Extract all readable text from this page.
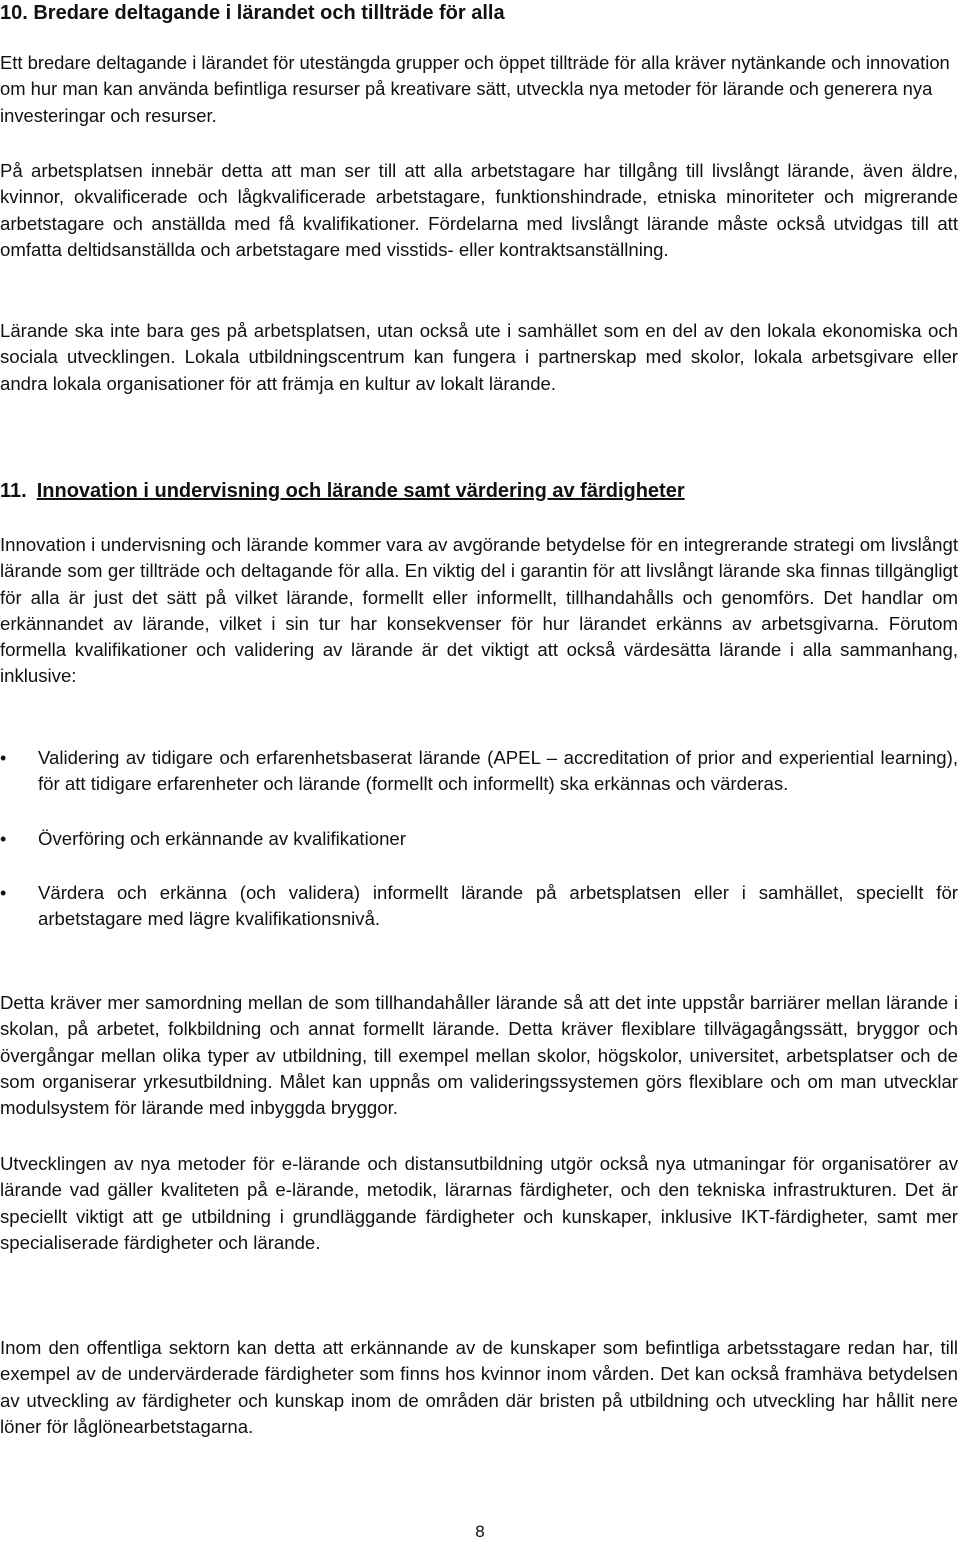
10. Bredare deltagande i lärandet och tillträde för alla

Ett bredare deltagande i lärandet för utestängda grupper och öppet tillträde för alla kräver nytänkande och innovation om hur man kan använda befintliga resurser på kreativare sätt, utveckla nya metoder för lärande och generera nya investeringar och resurser.

På arbetsplatsen innebär detta att man ser till att alla arbetstagare har tillgång till livslångt lärande, även äldre, kvinnor, okvalificerade och lågkvalificerade arbetstagare, funktionshindrade, etniska minoriteter och migrerande arbetstagare och anställda med få kvalifikationer. Fördelarna med livslångt lärande måste också utvidgas till att omfatta deltidsanställda och arbetstagare med visstids- eller kontraktsanställning.

Lärande ska inte bara ges på arbetsplatsen, utan också ute i samhället som en del av den lokala ekonomiska och sociala utvecklingen. Lokala utbildningscentrum kan fungera i partnerskap med skolor, lokala arbetsgivare eller andra lokala organisationer för att främja en kultur av lokalt lärande.

11. Innovation i undervisning och lärande samt värdering av färdigheter

Innovation i undervisning och lärande kommer vara av avgörande betydelse för en integrerande strategi om livslångt lärande som ger tillträde och deltagande för alla. En viktig del i garantin för att livslångt lärande ska finnas tillgängligt för alla är just det sätt på vilket lärande, formellt eller informellt, tillhandahålls och genomförs. Det handlar om erkännandet av lärande, vilket i sin tur har konsekvenser för hur lärandet erkänns av arbetsgivarna. Förutom formella kvalifikationer och validering av lärande är det viktigt att också värdesätta lärande i alla sammanhang, inklusive:

•	Validering av tidigare och erfarenhetsbaserat lärande (APEL – accreditation of prior and experiential learning), för att tidigare erfarenheter och lärande (formellt och informellt) ska erkännas och värderas.
•	Överföring och erkännande av kvalifikationer
•	Värdera och erkänna (och validera) informellt lärande på arbetsplatsen eller i samhället, speciellt för arbetstagare med lägre kvalifikationsnivå.

Detta kräver mer samordning mellan de som tillhandahåller lärande så att det inte uppstår barriärer mellan lärande i skolan, på arbetet, folkbildning och annat formellt lärande. Detta kräver flexiblare tillvägagångssätt, bryggor och övergångar mellan olika typer av utbildning, till exempel mellan skolor, högskolor, universitet, arbetsplatser och de som organiserar yrkesutbildning. Målet kan uppnås om valideringssystemen görs flexiblare och om man utvecklar modulsystem för lärande med inbyggda bryggor.

Utvecklingen av nya metoder för e-lärande och distansutbildning utgör också nya utmaningar för organisatörer av lärande vad gäller kvaliteten på e-lärande, metodik, lärarnas färdigheter, och den tekniska infrastrukturen. Det är speciellt viktigt att ge utbildning i grundläggande färdigheter och kunskaper, inklusive IKT-färdigheter, samt mer specialiserade färdigheter och lärande.

Inom den offentliga sektorn kan detta att erkännande av de kunskaper som befintliga arbetsstagare redan har, till exempel av de undervärderade färdigheter som finns hos kvinnor inom vården. Det kan också framhäva betydelsen av utveckling av färdigheter och kunskap inom de områden där bristen på utbildning och utveckling har hållit nere löner för låglönearbetstagarna.

8
